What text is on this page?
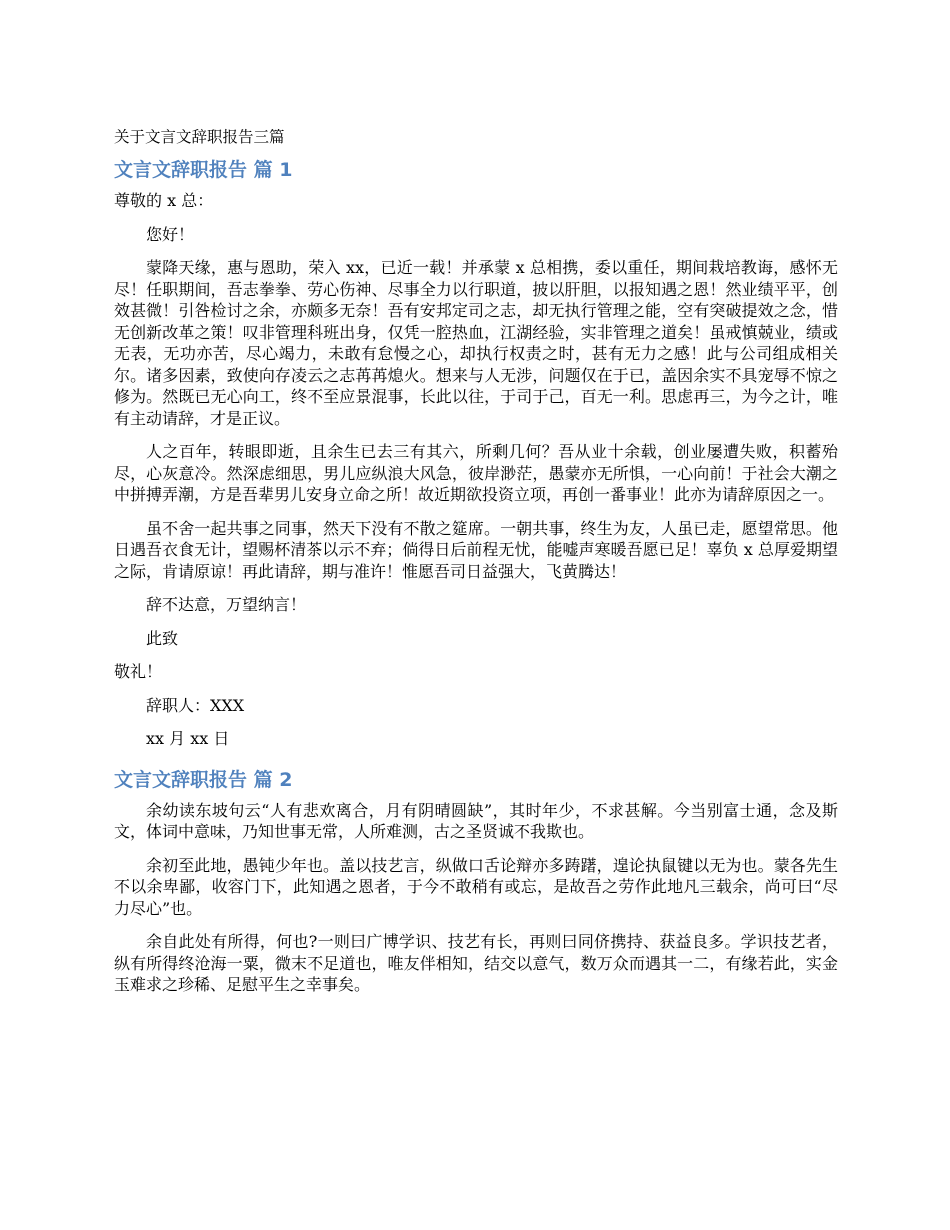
关于文言文辞职报告三篇
文言文辞职报告 篇 1
尊敬的 x 总：
您好！
蒙降天缘，惠与恩助，荣入 xx，已近一载！并承蒙 x 总相携，委以重任，期间栽培教诲，感怀无尽！任职期间，吾志拳拳、劳心伤神、尽事全力以行职道，披以肝胆，以报知遇之恩！然业绩平平，创效甚微！引咎检讨之余，亦颇多无奈！吾有安邦定司之志，却无执行管理之能，空有突破提效之念，惜无创新改革之策！叹非管理科班出身，仅凭一腔热血，江湖经验，实非管理之道矣！虽戒慎兢业，绩或无表，无功亦苦，尽心竭力，未敢有怠慢之心，却执行权责之时，甚有无力之感！此与公司组成相关尔。诸多因素，致使向存凌云之志苒苒熄火。想来与人无涉，问题仅在于已，盖因余实不具宠辱不惊之修为。然既已无心向工，终不至应景混事，长此以往，于司于己，百无一利。思虑再三，为今之计，唯有主动请辞，才是正议。
人之百年，转眼即逝，且余生已去三有其六，所剩几何？吾从业十余载，创业屡遭失败，积蓄殆尽，心灰意冷。然深虑细思，男儿应纵浪大风急，彼岸渺茫，愚蒙亦无所惧，一心向前！于社会大潮之中拼搏弄潮，方是吾辈男儿安身立命之所！故近期欲投资立项，再创一番事业！此亦为请辞原因之一。
虽不舍一起共事之同事，然天下没有不散之筵席。一朝共事，终生为友，人虽已走，愿望常思。他日遇吾衣食无计，望赐杯清茶以示不弃；倘得日后前程无忧，能嘘声寒暖吾愿已足！辜负 x 总厚爱期望之际，肯请原谅！再此请辞，期与准许！惟愿吾司日益强大，飞黄腾达！
辞不达意，万望纳言！
此致
敬礼！
辞职人：XXX
xx 月 xx 日
文言文辞职报告 篇 2
余幼读东坡句云“人有悲欢离合，月有阴晴圆缺”，其时年少，不求甚解。今当别富士通，念及斯文，体词中意味，乃知世事无常，人所难测，古之圣贤诚不我欺也。
余初至此地，愚钝少年也。盖以技艺言，纵做口舌论辩亦多踌躇，遑论执鼠键以无为也。蒙各先生不以余卑鄙，收容门下，此知遇之恩者，于今不敢稍有或忘，是故吾之劳作此地凡三载余，尚可曰“尽力尽心”也。
余自此处有所得，何也?一则曰广博学识、技艺有长，再则曰同侪携持、获益良多。学识技艺者，纵有所得终沧海一粟，微末不足道也，唯友伴相知，结交以意气，数万众而遇其一二，有缘若此，实金玉难求之珍稀、足慰平生之幸事矣。
